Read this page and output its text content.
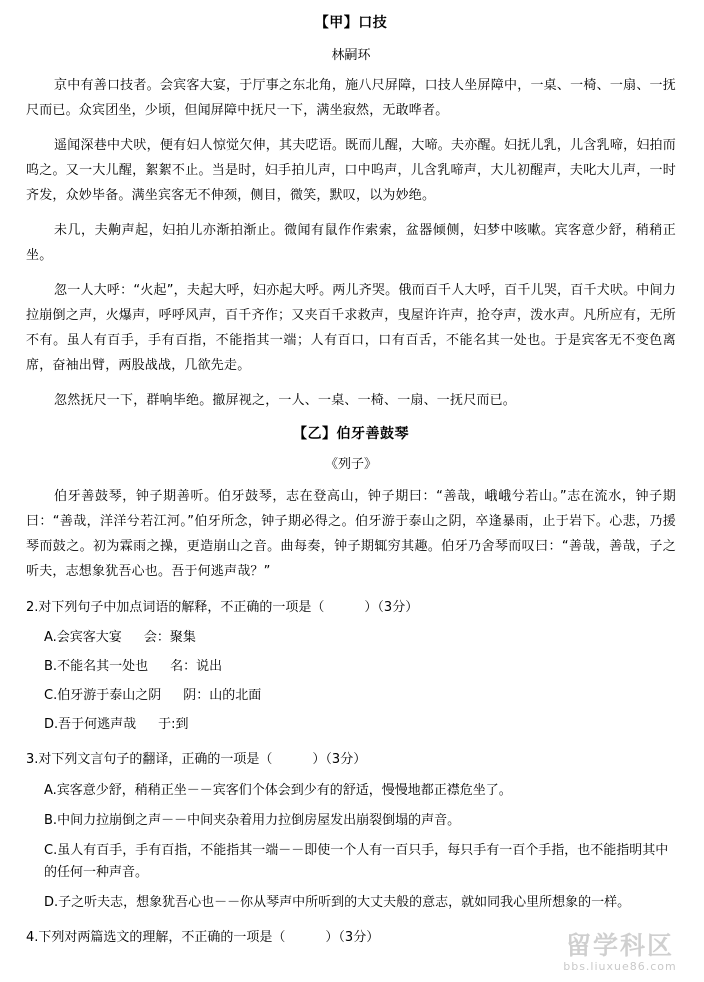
【甲】口技
林嗣环

京中有善口技者。会宾客大宴，于厅事之东北角，施八尺屏障，口技人坐屏障中，一桌、一椅、一扇、一抚尺而已。众宾团坐，少顷，但闻屏障中抚尺一下，满坐寂然，无敢哗者。

遥闻深巷中犬吠，便有妇人惊觉欠伸，其夫呓语。既而儿醒，大啼。夫亦醒。妇抚儿乳，儿含乳啼，妇拍而呜之。又一大儿醒，絮絮不止。当是时，妇手拍儿声，口中呜声，儿含乳啼声，大儿初醒声，夫叱大儿声，一时齐发，众妙毕备。满坐宾客无不伸颈，侧目，微笑，默叹，以为妙绝。

未几，夫齁声起，妇拍儿亦渐拍渐止。微闻有鼠作作索索，盆器倾侧，妇梦中咳嗽。宾客意少舒，稍稍正坐。

忽一人大呼：“火起”，夫起大呼，妇亦起大呼。两儿齐哭。俄而百千人大呼，百千儿哭，百千犬吠。中间力拉崩倒之声，火爆声，呼呼风声，百千齐作；又夹百千求救声，曳屋许许声，抢夺声，泼水声。凡所应有，无所不有。虽人有百手，手有百指，不能指其一端；人有百口，口有百舌，不能名其一处也。于是宾客无不变色离席，奋袖出臂，两股战战，几欲先走。

忽然抚尺一下，群响毕绝。撤屏视之，一人、一桌、一椅、一扇、一抚尺而已。

【乙】伯牙善鼓琴
《列子》

伯牙善鼓琴，钟子期善听。伯牙鼓琴，志在登高山，钟子期曰：“善哉，峨峨兮若山。”志在流水，钟子期曰：“善哉，洋洋兮若江河。”伯牙所念，钟子期必得之。伯牙游于泰山之阴，卒逢暴雨，止于岩下。心悲，乃援琴而鼓之。初为霖雨之操，更造崩山之音。曲每奏，钟子期辄穷其趣。伯牙乃舍琴而叹曰：“善哉，善哉，子之听夫，志想象犹吾心也。吾于何逃声哉？”

2.对下列句子中加点词语的解释，不正确的一项是（	）（3分）
A.会宾客大宴 会：聚集
B.不能名其一处也 名：说出
C.伯牙游于泰山之阴 阴：山的北面
D.吾于何逃声哉 于:到
3.对下列文言句子的翻译，正确的一项是（	）（3分）
A.宾客意少舒，稍稍正坐－－宾客们个体会到少有的舒适，慢慢地都正襟危坐了。
B.中间力拉崩倒之声－－中间夹杂着用力拉倒房屋发出崩裂倒塌的声音。
C.虽人有百手，手有百指，不能指其一端－－即使一个人有一百只手，每只手有一百个手指，也不能指明其中的任何一种声音。
D.子之听夫志，想象犹吾心也－－你从琴声中所听到的大丈夫般的意志，就如同我心里所想象的一样。
4.下列对两篇选文的理解，不正确的一项是（	）（3分）	留学科区
bbs.liuxue86.com
